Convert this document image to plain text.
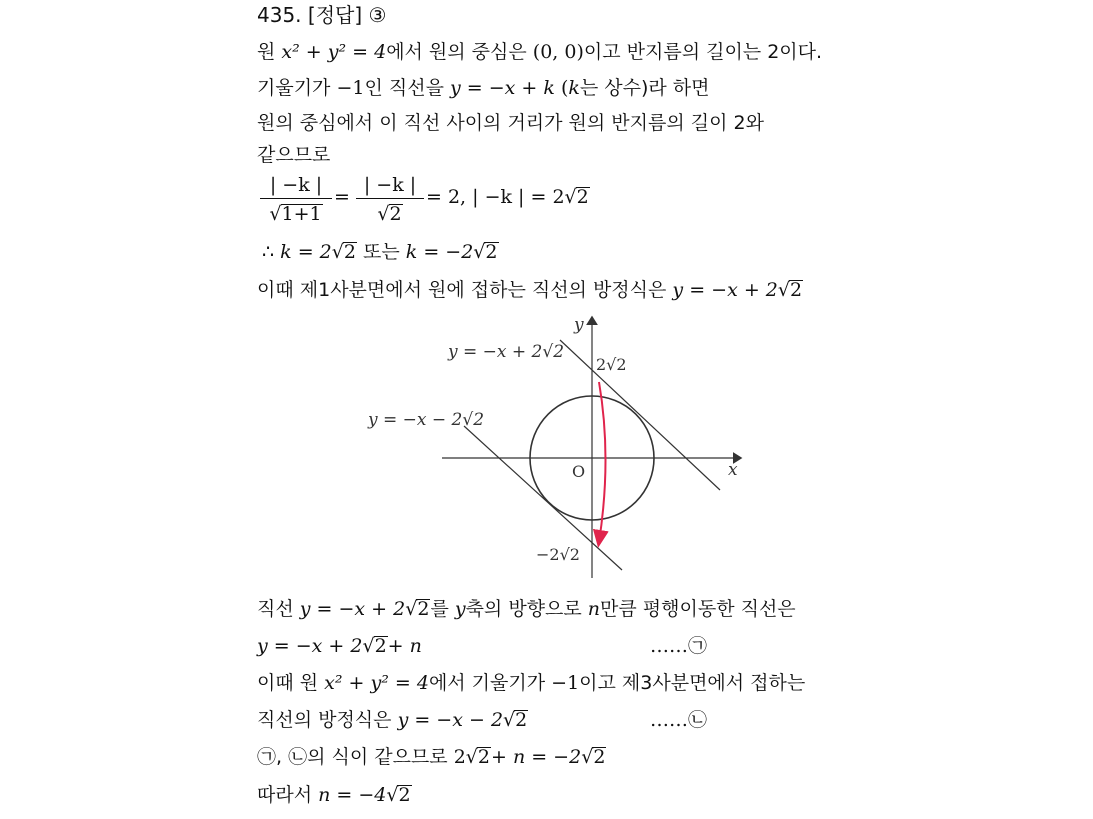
435. [정답] ③
원 x² + y² = 4에서 원의 중심은 (0, 0)이고 반지름의 길이는 2이다.
기울기가 −1인 직선을 y = −x + k (k는 상수)라 하면
원의 중심에서 이 직선 사이의 거리가 원의 반지름의 길이 2와
같으므로
$\frac{| -k |}{√1+1} = \frac{| -k |}{√2} = 2$, | −k | = 2√2
∴ k = 2√2 또는 k = −2√2
이때 제1사분면에서 원에 접하는 직선의 방정식은 y = −x + 2√2
y = −x + 2√2
y = −x − 2√2
2√2
−2√2
O	x
y
직선 y = −x + 2√2를 y축의 방향으로 n만큼 평행이동한 직선은
y = −x + 2√2+ n	……㉠
이때 원 x² + y² = 4에서 기울기가 −1이고 제3사분면에서 접하는
직선의 방정식은 y = −x − 2√2	……㉡
㉠, ㉡의 식이 같으므로 2√2+ n = −2√2
따라서 n = −4√2
